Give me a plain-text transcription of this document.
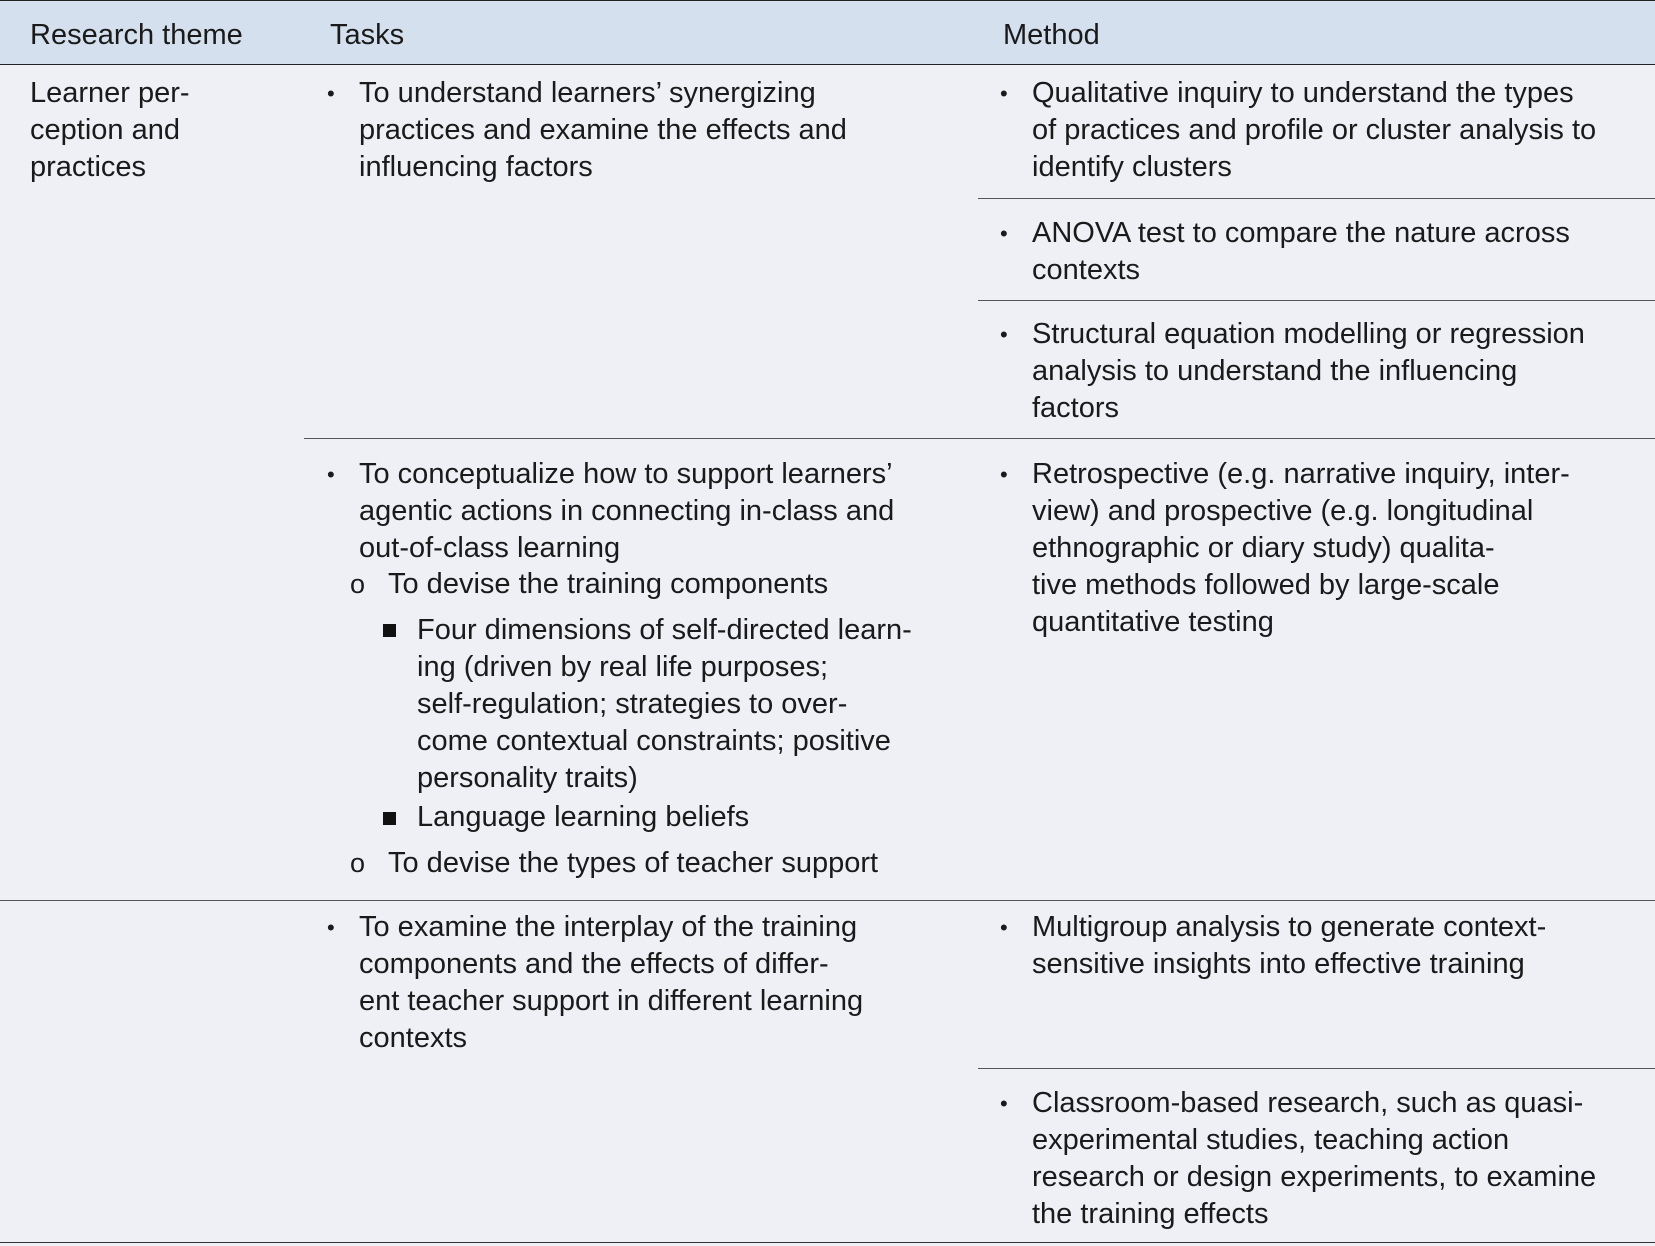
Research theme	Tasks	Method
Learner per-
ception and
practices
• To understand learners’ synergizing
practices and examine the effects and
influencing factors
• Qualitative inquiry to understand the types
of practices and profile or cluster analysis to
identify clusters
• ANOVA test to compare the nature across
contexts
• Structural equation modelling or regression
analysis to understand the influencing
factors
• To conceptualize how to support learners’
agentic actions in connecting in-class and
out-of-class learning
o To devise the training components
Four dimensions of self-directed learn-
ing (driven by real life purposes;
self-regulation; strategies to over-
come contextual constraints; positive
personality traits)
Language learning beliefs
o To devise the types of teacher support
• Retrospective (e.g. narrative inquiry, inter-
view) and prospective (e.g. longitudinal
ethnographic or diary study) qualita-
tive methods followed by large-scale
quantitative testing
• To examine the interplay of the training
components and the effects of differ-
ent teacher support in different learning
contexts
• Multigroup analysis to generate context-
sensitive insights into effective training
• Classroom-based research, such as quasi-
experimental studies, teaching action
research or design experiments, to examine
the training effects
